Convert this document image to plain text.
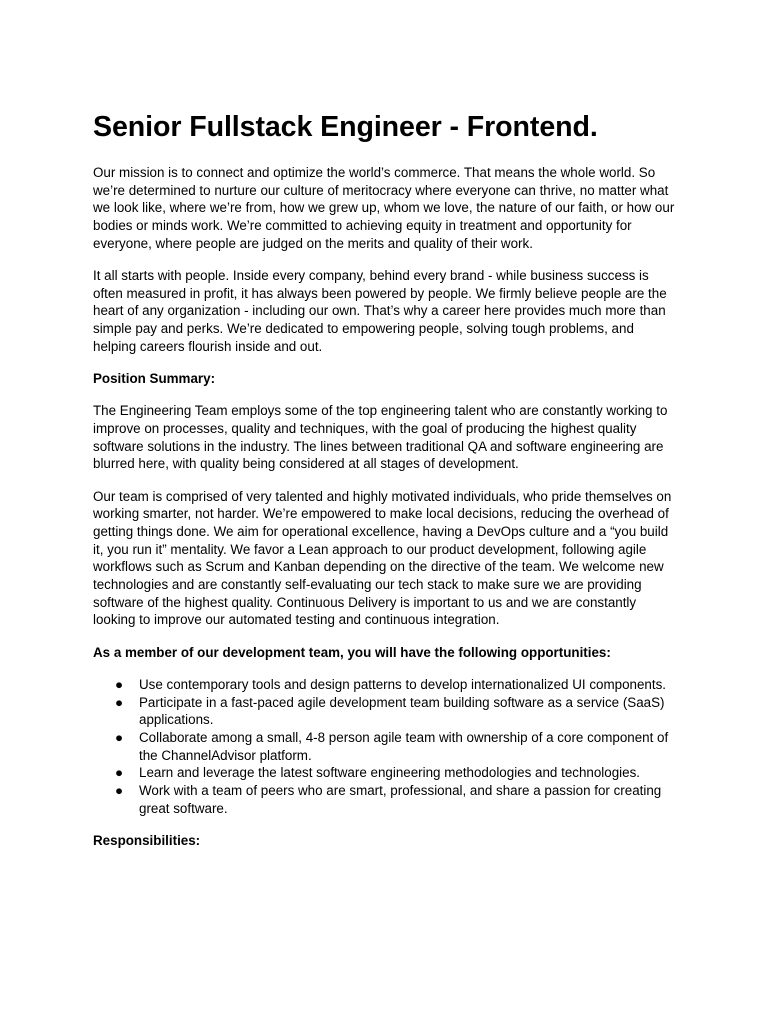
Senior Fullstack Engineer - Frontend.

Our mission is to connect and optimize the world’s commerce. That means the whole world. So we’re determined to nurture our culture of meritocracy where everyone can thrive, no matter what we look like, where we’re from, how we grew up, whom we love, the nature of our faith, or how our bodies or minds work. We’re committed to achieving equity in treatment and opportunity for everyone, where people are judged on the merits and quality of their work.

It all starts with people. Inside every company, behind every brand - while business success is often measured in profit, it has always been powered by people. We firmly believe people are the heart of any organization - including our own. That’s why a career here provides much more than simple pay and perks. We’re dedicated to empowering people, solving tough problems, and helping careers flourish inside and out.

Position Summary:

The Engineering Team employs some of the top engineering talent who are constantly working to improve on processes, quality and techniques, with the goal of producing the highest quality software solutions in the industry. The lines between traditional QA and software engineering are blurred here, with quality being considered at all stages of development.

Our team is comprised of very talented and highly motivated individuals, who pride themselves on working smarter, not harder. We’re empowered to make local decisions, reducing the overhead of getting things done. We aim for operational excellence, having a DevOps culture and a “you build it, you run it” mentality. We favor a Lean approach to our product development, following agile workflows such as Scrum and Kanban depending on the directive of the team. We welcome new technologies and are constantly self-evaluating our tech stack to make sure we are providing software of the highest quality. Continuous Delivery is important to us and we are constantly looking to improve our automated testing and continuous integration.

As a member of our development team, you will have the following opportunities:

● Use contemporary tools and design patterns to develop internationalized UI components.
● Participate in a fast-paced agile development team building software as a service (SaaS) applications.
● Collaborate among a small, 4-8 person agile team with ownership of a core component of the ChannelAdvisor platform.
● Learn and leverage the latest software engineering methodologies and technologies.
● Work with a team of peers who are smart, professional, and share a passion for creating great software.

Responsibilities:
